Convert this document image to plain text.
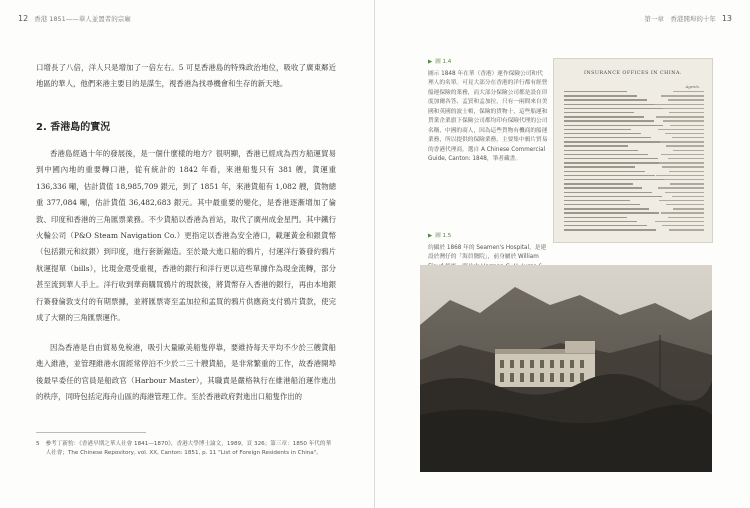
12 香港 1851——華人並置者的宗廟

口增長了八倍，洋人只是增加了一倍左右。5 可見香港島的特殊政治地位，吸收了廣東鄰近地區的華人，他們來港主要目的是謀生，視香港為找尋機會和生存的新天地。

2. 香港島的實況

香港島經過十年的發展後，是一個什麼樣的地方？很明顯，香港已經成為西方船運貿易到中國內地的重要轉口港，從有統計的 1842 年看，來港船隻只有 381 艘，貨運重 136,336 噸，估計貨值 18,985,709 銀元，到了 1851 年，來港貨船有 1,082 艘，貨物總重 377,084 噸，估計貨值 36,482,683 銀元。其中最重要的變化，是香港逐漸增加了倫敦、印度和香港的三角匯票業務。不少貨船以香港為首站，取代了廣州成金星門。其中鐵行火輪公司（P&O Steam Navigation Co.）更指定以香港為安全港口，載運黃金和銀貨幣（包括銀元和紋銀）到印度，進行套新錨造。至於最大進口船的鴉片，付運洋行簽發約鴉片航運提單（bills），比現金還受重視，香港的銀行和洋行更以這些單據作為現金流轉，部分甚至流到華人手上。洋行收到華商購買鴉片的現款後，將貨幣存入香港的銀行，再由本地銀行簽發倫敦支付的有期票據，並將匯票寄至孟加拉和孟買的鴉片供應商支付鴉片貨款，使完成了大額的三角匯票運作。

因為香港是自由貿易免稅港，吸引大量歐美船隻停靠，要維持每天平均不少於三艘貨船進入維港，並管理維港水面經常停泊不少於二三十艘貨船，是非常繁重的工作，故香港開埠後最早委任的官員是船政官（Harbour Master），其職責是嚴格執行在維港船泊運作進出的秩序，同時包括定海舟山區的海港管理工作。至於香港政府對進出口船隻作出的

5 參考丁新豹：《香港早期之華人社會 1841—1870》，香港大學博士論文，1989，頁 326；第三章：1850 年代的華人社會；The Chinese Repository, vol. XX, Canton: 1851, p. 11 "List of Foreign Residents in China"。
第一章　香港開埠的十年 13
▶ 圖 1.4
圖示 1848 年在華（香港）運作保險公司和代理人的名單。可見大部分在香港的洋行都有經營船運保險的業務，而大部分保險公司都是設在印度加爾各答、孟買和孟加拉，只有一兩間來自美國和英國的波士頓，保險的貨物十，這些船運和貨業企業旗下保險公司都均印有保險代理的公司名稱，中國的商人，因為這些貨物有機商的船運業務，所以提供的保險業務，主要集中鴉片貿易的香港代理商。選自 A Chinese Commercial Guide, Canton: 1848，筆者藏書。
▶ 圖 1.5
約攝於 1868 年的 Seamen's Hospital，是建設於灣仔的「海員醫院」，前身屬於 William
INSURANCE OFFICES IN CHINA.
Agents.
